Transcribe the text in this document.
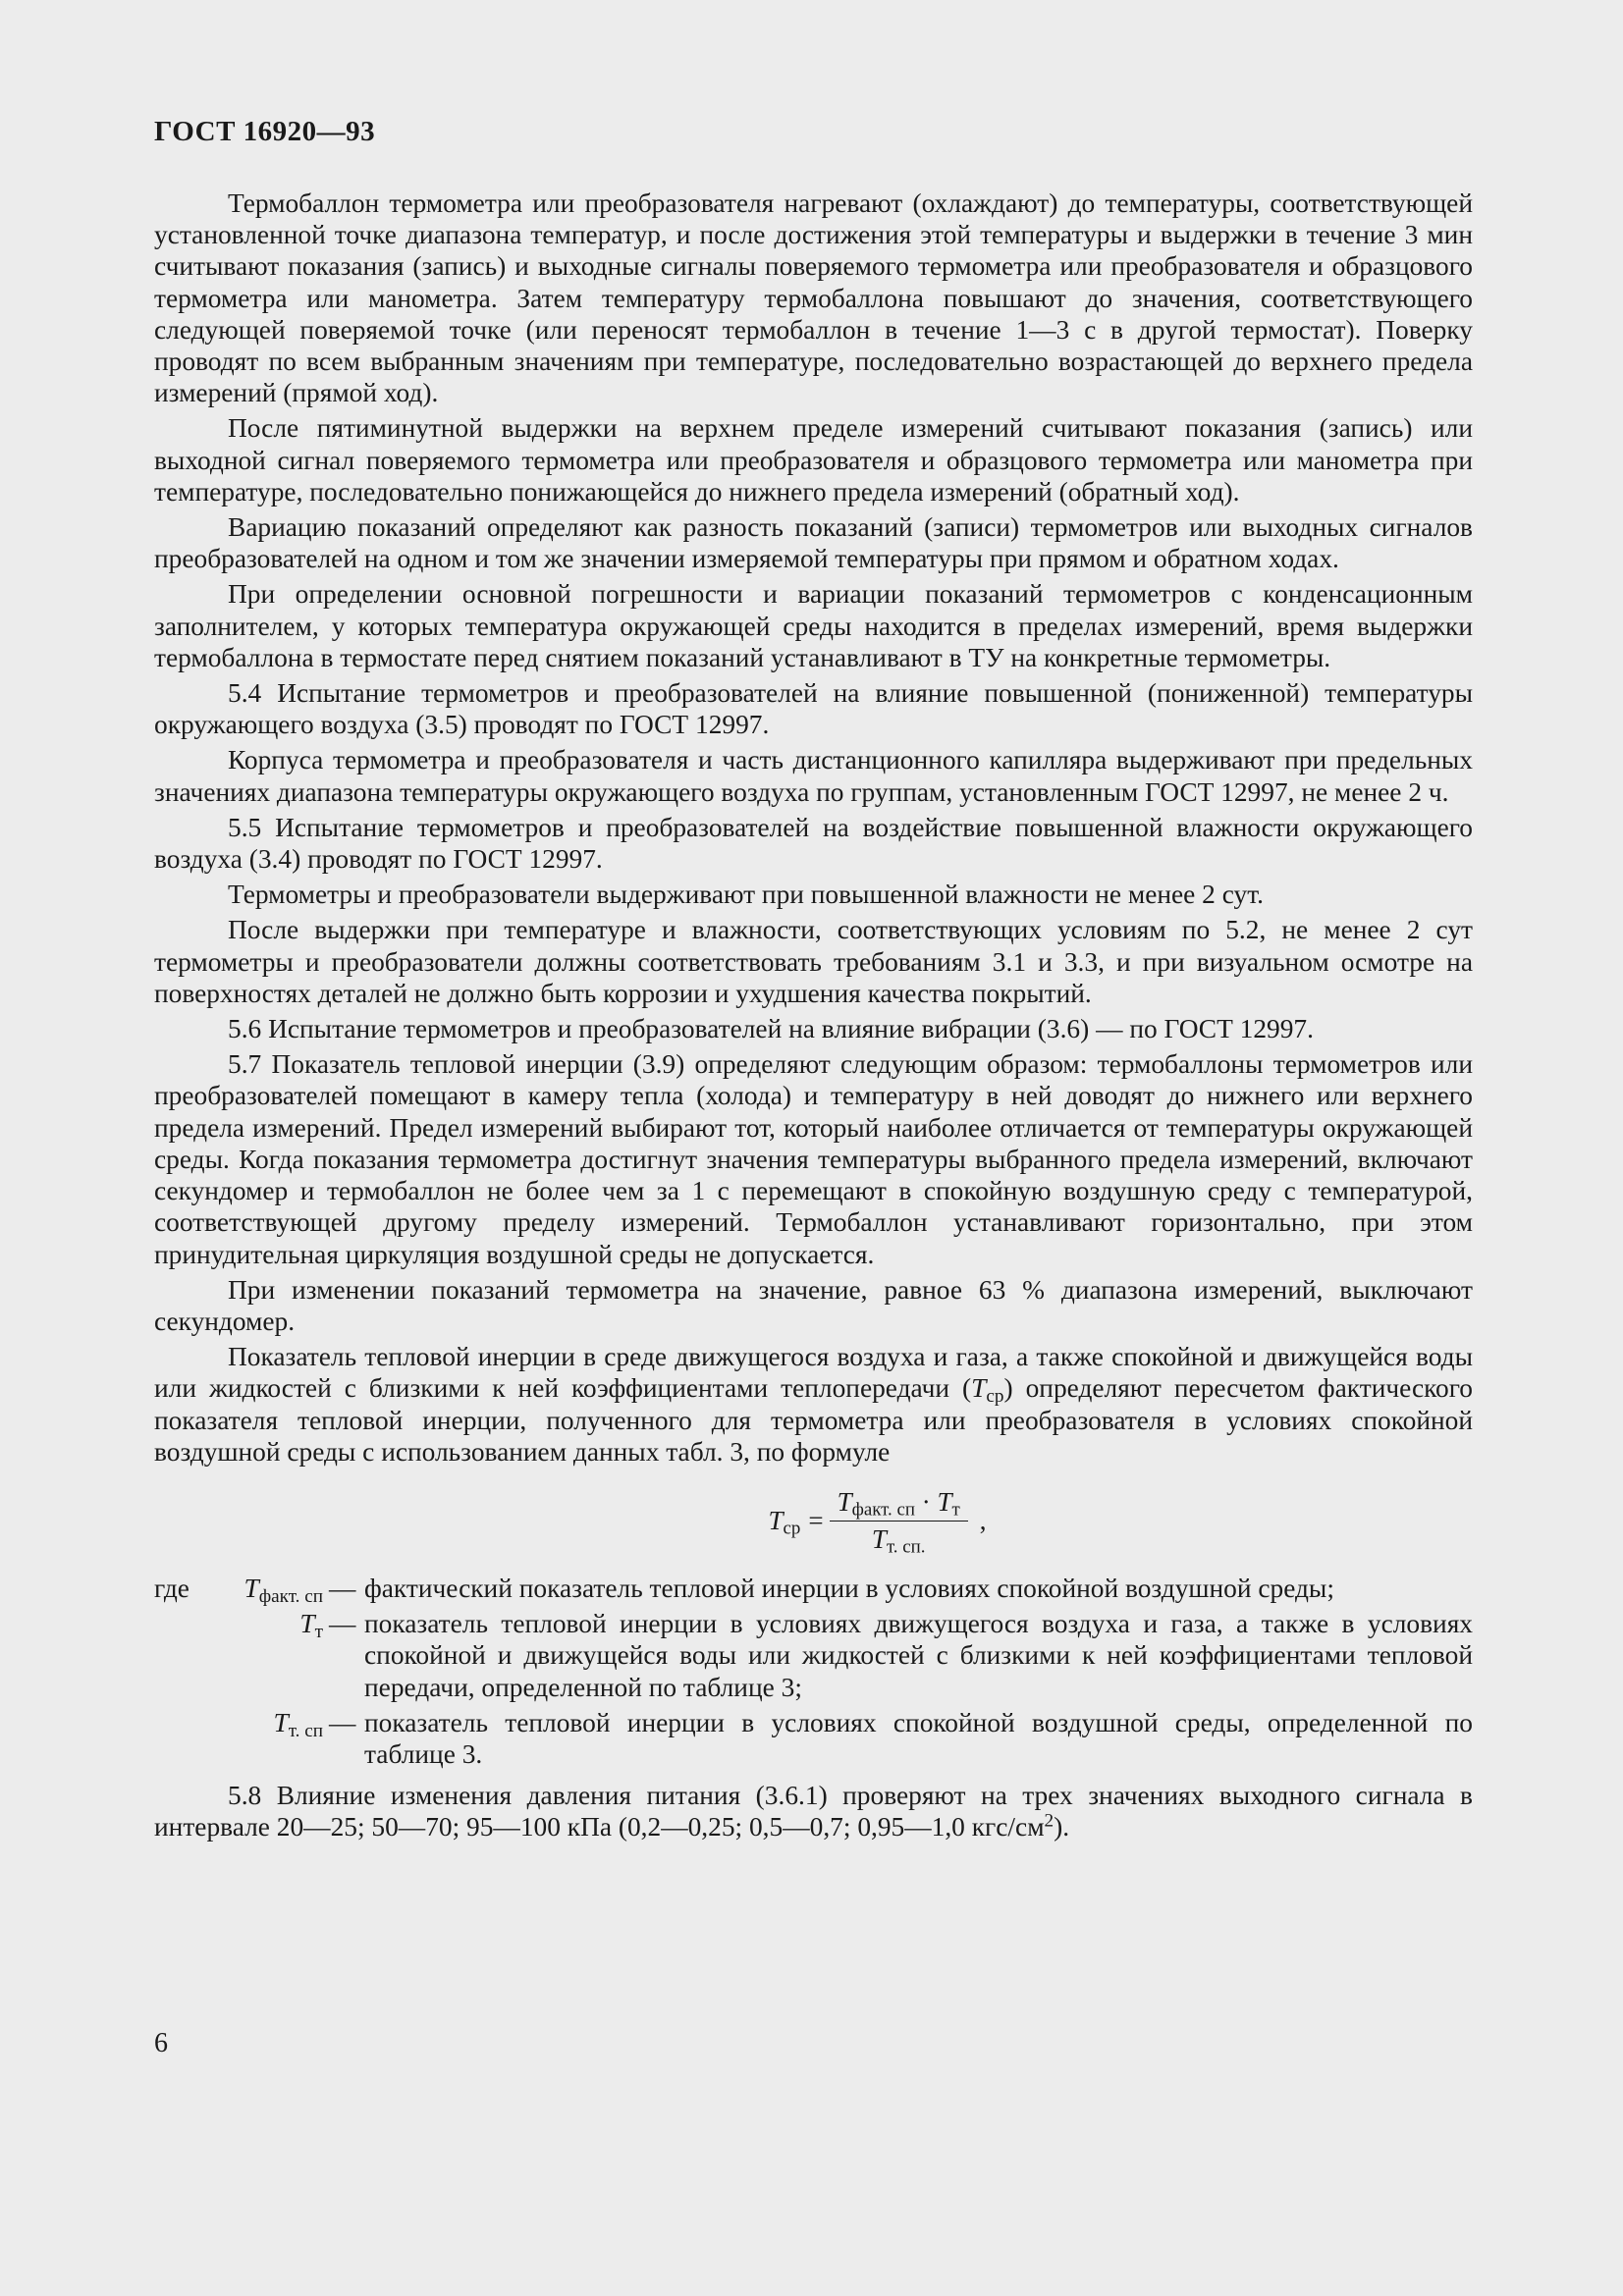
ГОСТ 16920—93

Термобаллон термометра или преобразователя нагревают (охлаждают) до температуры, соответствующей установленной точке диапазона температур, и после достижения этой температуры и выдержки в течение 3 мин считывают показания (запись) и выходные сигналы поверяемого термометра или преобразователя и образцового термометра или манометра. Затем температуру термобаллона повышают до значения, соответствующего следующей поверяемой точке (или переносят термобаллон в течение 1—3 с в другой термостат). Поверку проводят по всем выбранным значениям при температуре, последовательно возрастающей до верхнего предела измерений (прямой ход).

После пятиминутной выдержки на верхнем пределе измерений считывают показания (запись) или выходной сигнал поверяемого термометра или преобразователя и образцового термометра или манометра при температуре, последовательно понижающейся до нижнего предела измерений (обратный ход).

Вариацию показаний определяют как разность показаний (записи) термометров или выходных сигналов преобразователей на одном и том же значении измеряемой температуры при прямом и обратном ходах.

При определении основной погрешности и вариации показаний термометров с конденсационным заполнителем, у которых температура окружающей среды находится в пределах измерений, время выдержки термобаллона в термостате перед снятием показаний устанавливают в ТУ на конкретные термометры.

5.4 Испытание термометров и преобразователей на влияние повышенной (пониженной) температуры окружающего воздуха (3.5) проводят по ГОСТ 12997.

Корпуса термометра и преобразователя и часть дистанционного капилляра выдерживают при предельных значениях диапазона температуры окружающего воздуха по группам, установленным ГОСТ 12997, не менее 2 ч.

5.5 Испытание термометров и преобразователей на воздействие повышенной влажности окружающего воздуха (3.4) проводят по ГОСТ 12997.

Термометры и преобразователи выдерживают при повышенной влажности не менее 2 сут.

После выдержки при температуре и влажности, соответствующих условиям по 5.2, не менее 2 сут термометры и преобразователи должны соответствовать требованиям 3.1 и 3.3, и при визуальном осмотре на поверхностях деталей не должно быть коррозии и ухудшения качества покрытий.

5.6 Испытание термометров и преобразователей на влияние вибрации (3.6) — по ГОСТ 12997.

5.7 Показатель тепловой инерции (3.9) определяют следующим образом: термобаллоны термометров или преобразователей помещают в камеру тепла (холода) и температуру в ней доводят до нижнего или верхнего предела измерений. Предел измерений выбирают тот, который наиболее отличается от температуры окружающей среды. Когда показания термометра достигнут значения температуры выбранного предела измерений, включают секундомер и термобаллон не более чем за 1 с перемещают в спокойную воздушную среду с температурой, соответствующей другому пределу измерений. Термобаллон устанавливают горизонтально, при этом принудительная циркуляция воздушной среды не допускается.

При изменении показаний термометра на значение, равное 63 % диапазона измерений, выключают секундомер.

Показатель тепловой инерции в среде движущегося воздуха и газа, а также спокойной и движущейся воды или жидкостей с близкими к ней коэффициентами теплопередачи $(T_{ср})$ определяют пересчетом фактического показателя тепловой инерции, полученного для термометра или преобразователя в условиях спокойной воздушной среды с использованием данных табл. 3, по формуле

$T_{ср} = \frac{T_{факт. сп} \cdot T_т}{T_{т. сп.}}$ ,
где	$T_{факт. сп}$ — фактический показатель тепловой инерции в условиях спокойной воздушной среды;
$T_т$ — показатель тепловой инерции в условиях движущегося воздуха и газа, а также в условиях спокойной и движущейся воды или жидкостей с близкими к ней коэффициентами тепловой передачи, определенной по таблице 3;
$T_{т. сп}$ — показатель тепловой инерции в условиях спокойной воздушной среды, определенной по таблице 3.

5.8 Влияние изменения давления питания (3.6.1) проверяют на трех значениях выходного сигнала в интервале 20—25; 50—70; 95—100 кПа (0,2—0,25; 0,5—0,7; 0,95—1,0 кгс/$см^2$).

6
